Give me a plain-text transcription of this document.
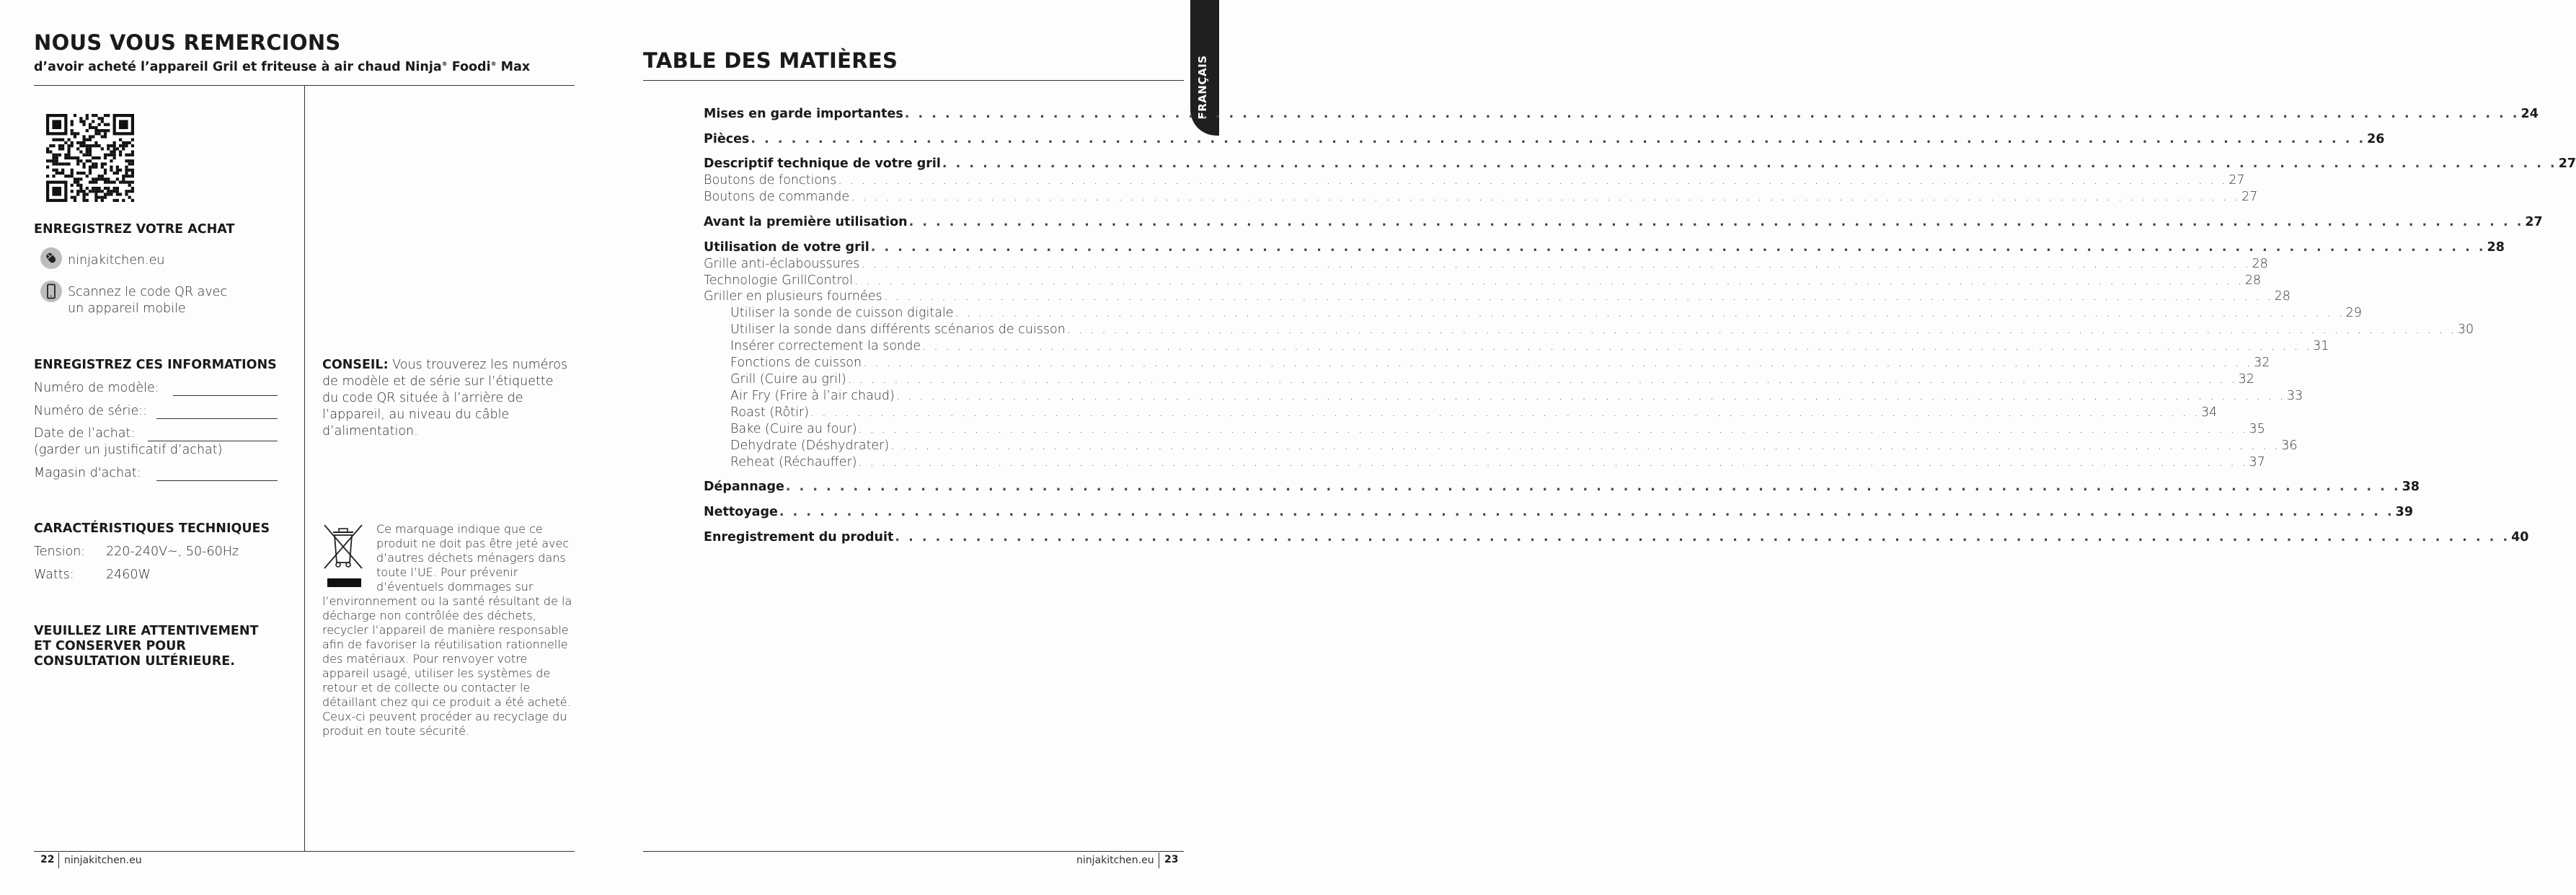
NOUS VOUS REMERCIONS
d’avoir acheté l’appareil Gril et friteuse à air chaud Ninja® Foodi® Max
ENREGISTREZ VOTRE ACHAT
ninjakitchen.eu
Scannez le code QR avec
un appareil mobile
ENREGISTREZ CES INFORMATIONS
Numéro de modèle:
Numéro de série::
Date de l’achat:
(garder un justificatif d’achat)
Magasin d'achat:
CONSEIL: Vous trouverez les numéros de modèle et de série sur l’étiquette du code QR située à l’arrière de l’appareil, au niveau du câble d’alimentation.
CARACTÉRISTIQUES TECHNIQUES
Tension: 220-240V~, 50-60Hz
Watts:	2460W
Ce marquage indique que ce produit ne doit pas être jeté avec d’autres déchets ménagers dans toute l’UE. Pour prévenir d’éventuels dommages sur l’environnement ou la santé résultant de la décharge non contrôlée des déchets, recycler l’appareil de manière responsable afin de favoriser la réutilisation rationnelle des matériaux. Pour renvoyer votre appareil usagé, utiliser les systèmes de retour et de collecte ou contacter le détaillant chez qui ce produit a été acheté. Ceux-ci peuvent procéder au recyclage du produit en toute sécurité.
VEUILLEZ LIRE ATTENTIVEMENT
ET CONSERVER POUR
CONSULTATION ULTÉRIEURE.
22 ninjakitchen.eu
TABLE DES MATIÈRES	FRANÇAIS
Mises en garde importantes . . . . . . . . . . . . . . . . . . . . . . . . . . . . . . . . . . . . . . . . . . . . . . . . . . . . . . . . . . . . . . . . . . . . . . . . . . . . . . . . . . . . . . . . . . . . . . . . . . . . . . . . . . . . . . . . . . . . . . . . 24
Pièces . . . . . . . . . . . . . . . . . . . . . . . . . . . . . . . . . . . . . . . . . . . . . . . . . . . . . . . . . . . . . . . . . . . . . . . . . . . . . . . . . . . . . . . . . . . . . . . . . . . . . . . . . . . . . . . . . . . . . . . . 26
Descriptif technique de votre gril . . . . . . . . . . . . . . . . . . . . . . . . . . . . . . . . . . . . . . . . . . . . . . . . . . . . . . . . . . . . . . . . . . . . . . . . . . . . . . . . . . . . . . . . . . . . . . . . . . . . . . . . . . . . . . . . . . . . . . . . 27
Boutons de fonctions . . . . . . . . . . . . . . . . . . . . . . . . . . . . . . . . . . . . . . . . . . . . . . . . . . . . . . . . . . . . . . . . . . . . . . . . . . . . . . . . . . . . . . . . . . . . . . . . . . . . . . . . . . . . . . . . . . . . . . . . 27
Boutons de commande . . . . . . . . . . . . . . . . . . . . . . . . . . . . . . . . . . . . . . . . . . . . . . . . . . . . . . . . . . . . . . . . . . . . . . . . . . . . . . . . . . . . . . . . . . . . . . . . . . . . . . . . . . . . . . . . . . . . . . . . 27
Avant la première utilisation . . . . . . . . . . . . . . . . . . . . . . . . . . . . . . . . . . . . . . . . . . . . . . . . . . . . . . . . . . . . . . . . . . . . . . . . . . . . . . . . . . . . . . . . . . . . . . . . . . . . . . . . . . . . . . . . . . . . . . . . 27
Utilisation de votre gril . . . . . . . . . . . . . . . . . . . . . . . . . . . . . . . . . . . . . . . . . . . . . . . . . . . . . . . . . . . . . . . . . . . . . . . . . . . . . . . . . . . . . . . . . . . . . . . . . . . . . . . . . . . . . . . . . . . . . . . . 28
Grille anti-éclaboussures . . . . . . . . . . . . . . . . . . . . . . . . . . . . . . . . . . . . . . . . . . . . . . . . . . . . . . . . . . . . . . . . . . . . . . . . . . . . . . . . . . . . . . . . . . . . . . . . . . . . . . . . . . . . . . . . . . . . . . . . 28
Technologie GrillControl . . . . . . . . . . . . . . . . . . . . . . . . . . . . . . . . . . . . . . . . . . . . . . . . . . . . . . . . . . . . . . . . . . . . . . . . . . . . . . . . . . . . . . . . . . . . . . . . . . . . . . . . . . . . . . . . . . . . . . . . 28
Griller en plusieurs fournées . . . . . . . . . . . . . . . . . . . . . . . . . . . . . . . . . . . . . . . . . . . . . . . . . . . . . . . . . . . . . . . . . . . . . . . . . . . . . . . . . . . . . . . . . . . . . . . . . . . . . . . . . . . . . . . . . . . . . . . . 28
Utiliser la sonde de cuisson digitale . . . . . . . . . . . . . . . . . . . . . . . . . . . . . . . . . . . . . . . . . . . . . . . . . . . . . . . . . . . . . . . . . . . . . . . . . . . . . . . . . . . . . . . . . . . . . . . . . . . . . . . . . . . . . . . . . . . . . . . . 29
Utiliser la sonde dans différents scénarios de cuisson . . . . . . . . . . . . . . . . . . . . . . . . . . . . . . . . . . . . . . . . . . . . . . . . . . . . . . . . . . . . . . . . . . . . . . . . . . . . . . . . . . . . . . . . . . . . . . . . . . . . . . . . . . . . . . . . . . . . . . . . 30
Insérer correctement la sonde . . . . . . . . . . . . . . . . . . . . . . . . . . . . . . . . . . . . . . . . . . . . . . . . . . . . . . . . . . . . . . . . . . . . . . . . . . . . . . . . . . . . . . . . . . . . . . . . . . . . . . . . . . . . . . . . . . . . . . . . 31
Fonctions de cuisson . . . . . . . . . . . . . . . . . . . . . . . . . . . . . . . . . . . . . . . . . . . . . . . . . . . . . . . . . . . . . . . . . . . . . . . . . . . . . . . . . . . . . . . . . . . . . . . . . . . . . . . . . . . . . . . . . . . . . . . . 32
Grill (Cuire au gril) . . . . . . . . . . . . . . . . . . . . . . . . . . . . . . . . . . . . . . . . . . . . . . . . . . . . . . . . . . . . . . . . . . . . . . . . . . . . . . . . . . . . . . . . . . . . . . . . . . . . . . . . . . . . . . . . . . . . . . . . 32
Air Fry (Frire à l’air chaud) . . . . . . . . . . . . . . . . . . . . . . . . . . . . . . . . . . . . . . . . . . . . . . . . . . . . . . . . . . . . . . . . . . . . . . . . . . . . . . . . . . . . . . . . . . . . . . . . . . . . . . . . . . . . . . . . . . . . . . . . 33
Roast (Rôtir) . . . . . . . . . . . . . . . . . . . . . . . . . . . . . . . . . . . . . . . . . . . . . . . . . . . . . . . . . . . . . . . . . . . . . . . . . . . . . . . . . . . . . . . . . . . . . . . . . . . . . . . . . . . . . . . . . . . . . . . . 34
Bake (Cuire au four) . . . . . . . . . . . . . . . . . . . . . . . . . . . . . . . . . . . . . . . . . . . . . . . . . . . . . . . . . . . . . . . . . . . . . . . . . . . . . . . . . . . . . . . . . . . . . . . . . . . . . . . . . . . . . . . . . . . . . . . . 35
Dehydrate (Déshydrater) . . . . . . . . . . . . . . . . . . . . . . . . . . . . . . . . . . . . . . . . . . . . . . . . . . . . . . . . . . . . . . . . . . . . . . . . . . . . . . . . . . . . . . . . . . . . . . . . . . . . . . . . . . . . . . . . . . . . . . . . 36
Reheat (Réchauffer) . . . . . . . . . . . . . . . . . . . . . . . . . . . . . . . . . . . . . . . . . . . . . . . . . . . . . . . . . . . . . . . . . . . . . . . . . . . . . . . . . . . . . . . . . . . . . . . . . . . . . . . . . . . . . . . . . . . . . . . . 37
Dépannage . . . . . . . . . . . . . . . . . . . . . . . . . . . . . . . . . . . . . . . . . . . . . . . . . . . . . . . . . . . . . . . . . . . . . . . . . . . . . . . . . . . . . . . . . . . . . . . . . . . . . . . . . . . . . . . . . . . . . . . . 38
Nettoyage . . . . . . . . . . . . . . . . . . . . . . . . . . . . . . . . . . . . . . . . . . . . . . . . . . . . . . . . . . . . . . . . . . . . . . . . . . . . . . . . . . . . . . . . . . . . . . . . . . . . . . . . . . . . . . . . . . . . . . . . 39
Enregistrement du produit . . . . . . . . . . . . . . . . . . . . . . . . . . . . . . . . . . . . . . . . . . . . . . . . . . . . . . . . . . . . . . . . . . . . . . . . . . . . . . . . . . . . . . . . . . . . . . . . . . . . . . . . . . . . . . . . . . . . . . . . 40
ninjakitchen.eu 23
